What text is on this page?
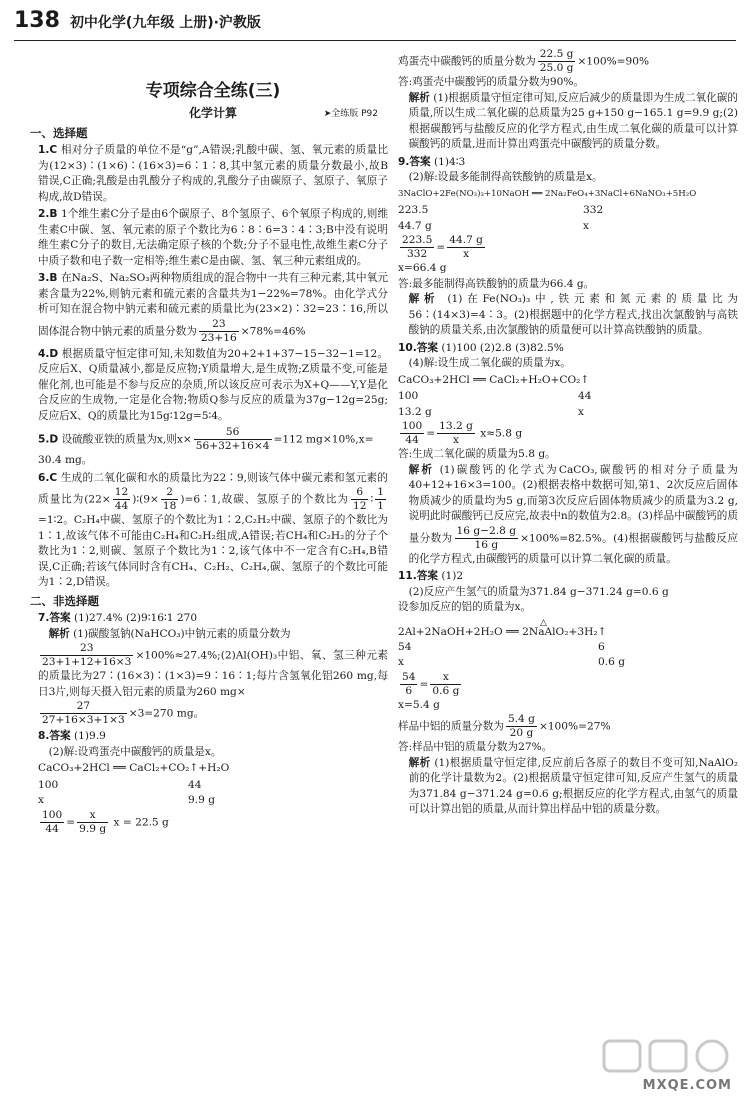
138 初中化学(九年级 上册)·沪教版
专项综合全练(三)
化学计算	➤全练版 P92
一、选择题
1.C 相对分子质量的单位不是“g”,A错误;乳酸中碳、氢、氧元素的质量比为(12×3)∶(1×6)∶(16×3)=6∶1∶8,其中氢元素的质量分数最小,故B错误,C正确;乳酸是由乳酸分子构成的,乳酸分子由碳原子、氢原子、氧原子构成,故D错误。
2.B 1个维生素C分子是由6个碳原子、8个氢原子、6个氧原子构成的,则维生素C中碳、氢、氧元素的原子个数比为6∶8∶6=3∶4∶3;B中没有说明维生素C分子的数目,无法确定原子核的个数;分子不显电性,故维生素C分子中质子数和电子数一定相等;维生素C是由碳、氢、氧三种元素组成的。
3.B 在Na₂S、Na₂SO₃两种物质组成的混合物中一共有三种元素,其中氧元素含量为22%,则钠元素和硫元素的含量共为1−22%=78%。由化学式分析可知在混合物中钠元素和硫元素的质量比为(23×2)∶32=23∶16,所以固体混合物中钠元素的质量分数为 $\frac{23}{23+16} \times 78\%=46\%$
4.D 根据质量守恒定律可知,未知数值为20+2+1+37−15−32−1=12。反应后X、Q质量减小,都是反应物;Y质量增大,是生成物;Z质量不变,可能是催化剂,也可能是不参与反应的杂质,所以该反应可表示为X+Q——Y,Y是化合反应的生成物,一定是化合物;物质Q参与反应的质量为37g−12g=25g;反应后X、Q的质量比为15g∶12g=5∶4。
5.D 设硫酸亚铁的质量为x,则$x\times \frac{56}{56+32+16\times 4} =112$ mg×10%,x=
30.4 mg。
6.C 生成的二氧化碳和水的质量比为22∶9,则该气体中碳元素和氢元素的质量比为($22\times \frac{12}{44}$ )∶(9× $\frac{2}{18}$ )=6∶1,故碳、氢原子的个数比为 $\frac{6}{12}$ ∶ $\frac{1}{1}$
=1∶2。C₂H₄中碳、氢原子的个数比为1∶2,C₂H₂中碳、氢原子的个数比为1∶1,故该气体不可能由C₂H₄和C₂H₂组成,A错误;若CH₄和C₂H₂的分子个数比为1∶2,则碳、氢原子个数比为1∶2,该气体中不一定含有C₂H₄,B错误,C正确;若该气体同时含有CH₄、C₂H₂、C₂H₄,碳、氢原子的个数比可能为1∶2,D错误。
二、非选择题
7.答案 (1)27.4% (2)9∶16∶1 270
解析 (1)碳酸氢钠(NaHCO₃)中钠元素的质量分数为
$\frac{23}{23+1+12+16\times 3}$ ×100%≈27.4%;(2)Al(OH)₃中铝、氧、氢三种元素的质量比为27∶(16×3)∶(1×3)=9∶16∶1;每片含氢氧化铝260 mg,每日3片,则每天摄入铝元素的质量为260 mg×
$\frac{27}{27+16\times 3+1\times 3} \times 3=270$ mg。
8.答案 (1)9.9
(2)解:设鸡蛋壳中碳酸钙的质量是x。
CaCO₃+2HCl ══ CaCl₂+CO₂↑+H₂O
100	44
x	9.9 g
$\frac{100}{44} = \frac{x}{9.9 g}$ x = 22.5 g
鸡蛋壳中碳酸钙的质量分数为 $\frac{22.5 g}{25.0 g} \times 100\%=90\%$
答:鸡蛋壳中碳酸钙的质量分数为90%。
解析 (1)根据质量守恒定律可知,反应后减少的质量即为生成二氧化碳的质量,所以生成二氧化碳的总质量为25 g+150 g−165.1 g=9.9 g;(2)根据碳酸钙与盐酸反应的化学方程式,由生成二氧化碳的质量可以计算碳酸钙的质量,进而计算出鸡蛋壳中碳酸钙的质量分数。
9.答案 (1)4∶3
(2)解:设最多能制得高铁酸钠的质量是x。
3NaClO+2Fe(NO₃)₃+10NaOH ══ 2Na₂FeO₄+3NaCl+6NaNO₃+5H₂O
223.5	332
44.7 g	x
$\frac{223.5}{332} = \frac{44.7 g}{x}$
x=66.4 g
答:最多能制得高铁酸钠的质量为66.4 g。
解析 (1)在Fe(NO₃)₃中,铁元素和氮元素的质量比为56∶(14×3)=4∶3。(2)根据题中的化学方程式,找出次氯酸钠与高铁酸钠的质量关系,由次氯酸钠的质量便可以计算高铁酸钠的质量。
10.答案 (1)100 (2)2.8 (3)82.5%
(4)解:设生成二氧化碳的质量为x。
CaCO₃+2HCl ══ CaCl₂+H₂O+CO₂↑
100	44
13.2 g	x
$\frac{100}{44} = \frac{13.2 g}{x} x\approx 5.8$ g
答:生成二氧化碳的质量为5.8 g。
解析 (1)碳酸钙的化学式为CaCO₃,碳酸钙的相对分子质量为40+12+16×3=100。(2)根据表格中数据可知,第1、2次反应后固体物质减少的质量均为5 g,而第3次反应后固体物质减少的质量为3.2 g,说明此时碳酸钙已反应完,故表中n的数值为2.8。(3)样品中碳酸钙的质量分数为 $\frac{16 g-2.8 g}{16 g} \times 100\%=82.5\%$。(4)根据碳酸钙与盐酸反应的化学方程式,由碳酸钙的质量可以计算二氧化碳的质量。
11.答案 (1)2
(2)反应产生氢气的质量为371.84 g−371.24 g=0.6 g
设参加反应的铝的质量为x。
△
2Al+2NaOH+2H₂O ══ 2NaAlO₂+3H₂↑
54	6
x	0.6 g
$\frac{54}{6} = \frac{x}{0.6 g}$
x=5.4 g
样品中铝的质量分数为 $\frac{5.4 g}{20 g} \times 100\%=27\%$
答:样品中铝的质量分数为27%。
解析 (1)根据质量守恒定律,反应前后各原子的数目不变可知,NaAlO₂前的化学计量数为2。(2)根据质量守恒定律可知,反应产生氢气的质量为371.84 g−371.24 g=0.6 g;根据反应的化学方程式,由氢气的质量可以计算出铝的质量,从而计算出样品中铝的质量分数。
MXQE.COM
